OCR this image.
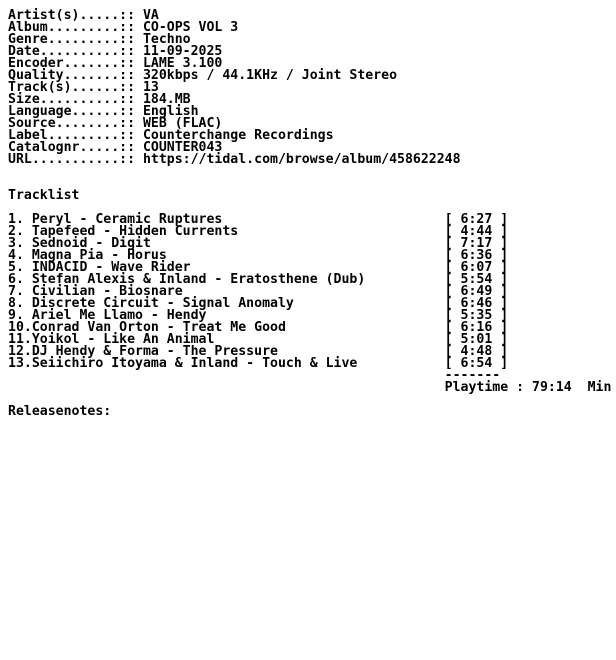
Artist(s).....:: VA
Album.........:: CO-OPS VOL 3
Genre.........:: Techno
Date..........:: 11-09-2025
Encoder.......:: LAME 3.100
Quality.......:: 320kbps / 44.1KHz / Joint Stereo
Track(s)......:: 13
Size..........:: 184.MB
Language......:: English
Source........:: WEB (FLAC)
Label.........:: Counterchange Recordings
Catalognr.....:: COUNTER043
URL...........:: https://tidal.com/browse/album/458622248

Tracklist

1. Peryl - Ceramic Ruptures                            [ 6:27 ]
2. Tapefeed - Hidden Currents                          [ 4:44 ]
3. Sednoid - Digit                                     [ 7:17 ]
4. Magna Pia - Horus                                   [ 6:36 ]
5. INDACID - Wave Rider                                [ 6:07 ]
6. Stefan Alexis & Inland - Eratosthene (Dub)          [ 5:54 ]
7. Civilian - Biosnare                                 [ 6:49 ]
8. Discrete Circuit - Signal Anomaly                   [ 6:46 ]
9. Ariel Me Llamo - Hendy                              [ 5:35 ]
10.Conrad Van Orton - Treat Me Good                    [ 6:16 ]
11.Yoikol - Like An Animal                             [ 5:01 ]
12.DJ Hendy & Forma - The Pressure                     [ 4:48 ]
13.Seiichiro Itoyama & Inland - Touch & Live           [ 6:54 ]
-------
Playtime : 79:14  Min

Releasenotes:
